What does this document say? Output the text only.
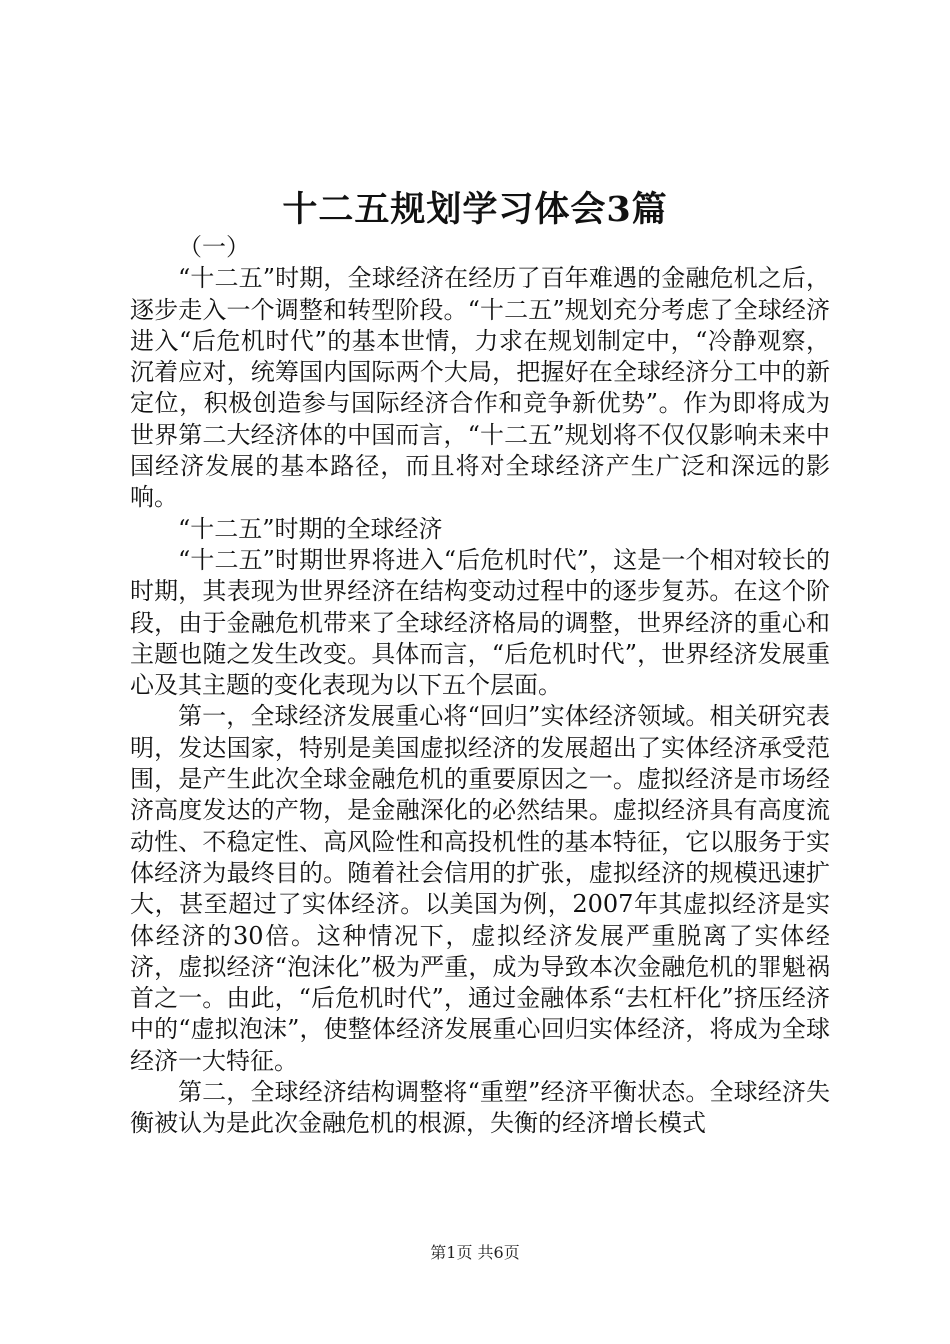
十二五规划学习体会3篇

（一）

“十二五”时期，全球经济在经历了百年难遇的金融危机之后，逐步走入一个调整和转型阶段。“十二五”规划充分考虑了全球经济进入“后危机时代”的基本世情，力求在规划制定中，“冷静观察，沉着应对，统筹国内国际两个大局，把握好在全球经济分工中的新定位，积极创造参与国际经济合作和竞争新优势”。作为即将成为世界第二大经济体的中国而言，“十二五”规划将不仅仅影响未来中国经济发展的基本路径，而且将对全球经济产生广泛和深远的影响。

“十二五”时期的全球经济

“十二五”时期世界将进入“后危机时代”，这是一个相对较长的时期，其表现为世界经济在结构变动过程中的逐步复苏。在这个阶段，由于金融危机带来了全球经济格局的调整，世界经济的重心和主题也随之发生改变。具体而言，“后危机时代”，世界经济发展重心及其主题的变化表现为以下五个层面。

第一，全球经济发展重心将“回归”实体经济领域。相关研究表明，发达国家，特别是美国虚拟经济的发展超出了实体经济承受范围，是产生此次全球金融危机的重要原因之一。虚拟经济是市场经济高度发达的产物，是金融深化的必然结果。虚拟经济具有高度流动性、不稳定性、高风险性和高投机性的基本特征，它以服务于实体经济为最终目的。随着社会信用的扩张，虚拟经济的规模迅速扩大，甚至超过了实体经济。以美国为例，2007年其虚拟经济是实体经济的30倍。这种情况下，虚拟经济发展严重脱离了实体经济，虚拟经济“泡沫化”极为严重，成为导致本次金融危机的罪魁祸首之一。由此，“后危机时代”，通过金融体系“去杠杆化”挤压经济中的“虚拟泡沫”，使整体经济发展重心回归实体经济，将成为全球经济一大特征。

第二，全球经济结构调整将“重塑”经济平衡状态。全球经济失衡被认为是此次金融危机的根源，失衡的经济增长模式

第1页 共6页
